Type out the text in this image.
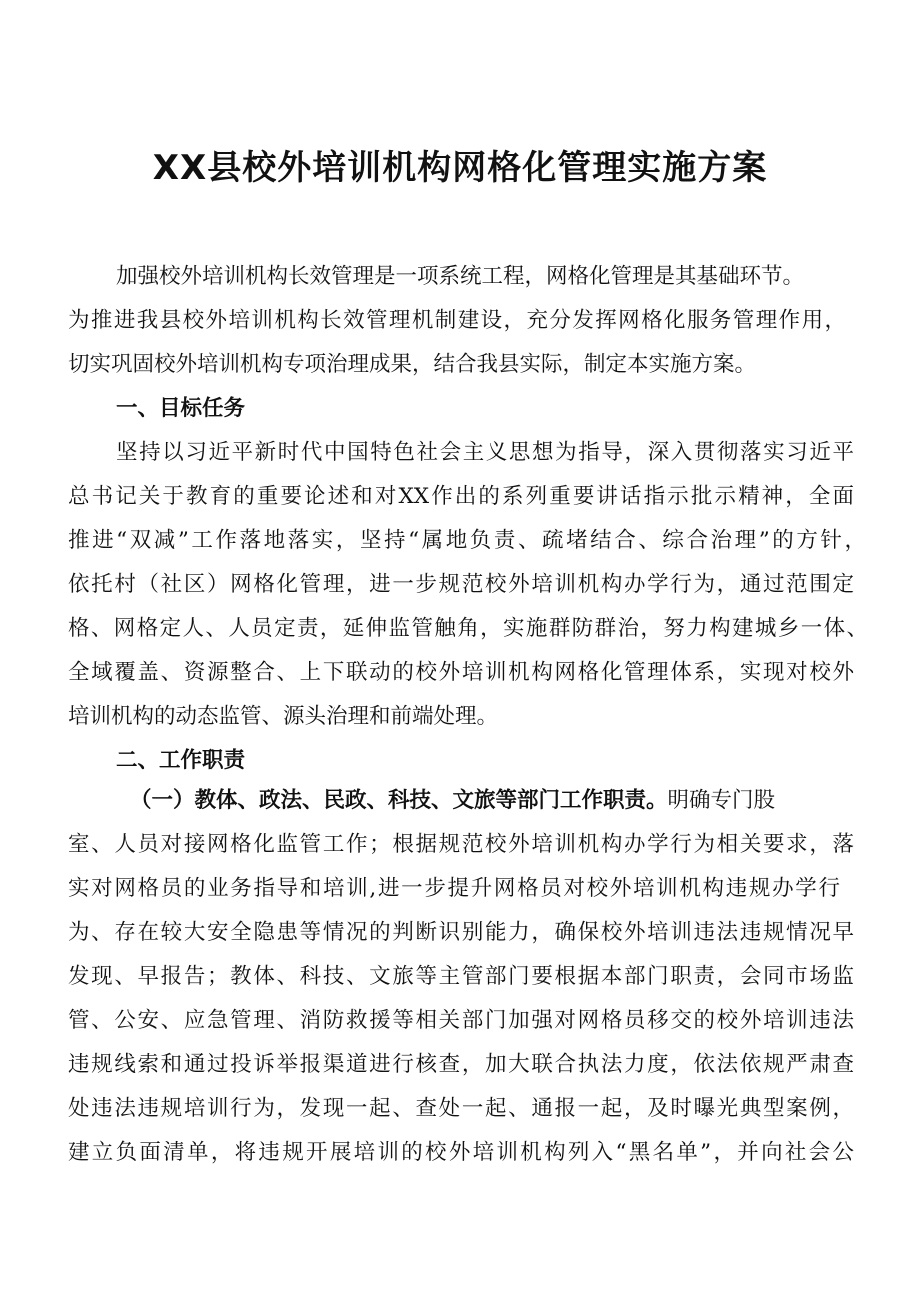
XX县校外培训机构网格化管理实施方案
加强校外培训机构长效管理是一项系统工程，网格化管理是其基础环节。
为推进我县校外培训机构长效管理机制建设，充分发挥网格化服务管理作用，
切实巩固校外培训机构专项治理成果，结合我县实际，制定本实施方案。
一、目标任务
坚持以习近平新时代中国特色社会主义思想为指导，深入贯彻落实习近平
总书记关于教育的重要论述和对XX作出的系列重要讲话指示批示精神，全面
推进“双减”工作落地落实，坚持“属地负责、疏堵结合、综合治理”的方针，
依托村（社区）网格化管理，进一步规范校外培训机构办学行为，通过范围定
格、网格定人、人员定责，延伸监管触角，实施群防群治，努力构建城乡一体、
全域覆盖、资源整合、上下联动的校外培训机构网格化管理体系，实现对校外
培训机构的动态监管、源头治理和前端处理。
二、工作职责
（一）教体、政法、民政、科技、文旅等部门工作职责。明确专门股
室、人员对接网格化监管工作；根据规范校外培训机构办学行为相关要求，落
实对网格员的业务指导和培训,进一步提升网格员对校外培训机构违规办学行
为、存在较大安全隐患等情况的判断识别能力，确保校外培训违法违规情况早
发现、早报告；教体、科技、文旅等主管部门要根据本部门职责，会同市场监
管、公安、应急管理、消防救援等相关部门加强对网格员移交的校外培训违法
违规线索和通过投诉举报渠道进行核查，加大联合执法力度，依法依规严肃查
处违法违规培训行为，发现一起、查处一起、通报一起，及时曝光典型案例，
建立负面清单，将违规开展培训的校外培训机构列入“黑名单”，并向社会公
